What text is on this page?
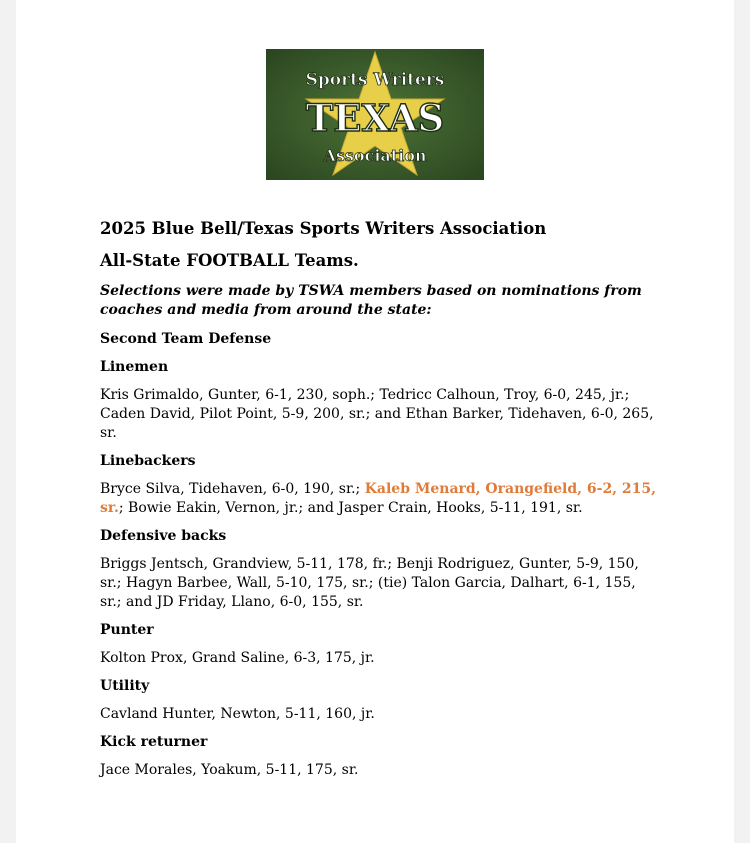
Sports Writers
TEXAS
Association
2025 Blue Bell/Texas Sports Writers Association
All-State FOOTBALL Teams.
Selections were made by TSWA members based on nominations from coaches and media from around the state:
Second Team Defense
Linemen
Kris Grimaldo, Gunter, 6-1, 230, soph.; Tedricc Calhoun, Troy, 6-0, 245, jr.; Caden David, Pilot Point, 5-9, 200, sr.; and Ethan Barker, Tidehaven, 6-0, 265, sr.
Linebackers
Bryce Silva, Tidehaven, 6-0, 190, sr.; Kaleb Menard, Orangefield, 6-2, 215, sr.; Bowie Eakin, Vernon, jr.; and Jasper Crain, Hooks, 5-11, 191, sr.
Defensive backs
Briggs Jentsch, Grandview, 5-11, 178, fr.; Benji Rodriguez, Gunter, 5-9, 150, sr.; Hagyn Barbee, Wall, 5-10, 175, sr.; (tie) Talon Garcia, Dalhart, 6-1, 155, sr.; and JD Friday, Llano, 6-0, 155, sr.
Punter
Kolton Prox, Grand Saline, 6-3, 175, jr.
Utility
Cavland Hunter, Newton, 5-11, 160, jr.
Kick returner
Jace Morales, Yoakum, 5-11, 175, sr.
